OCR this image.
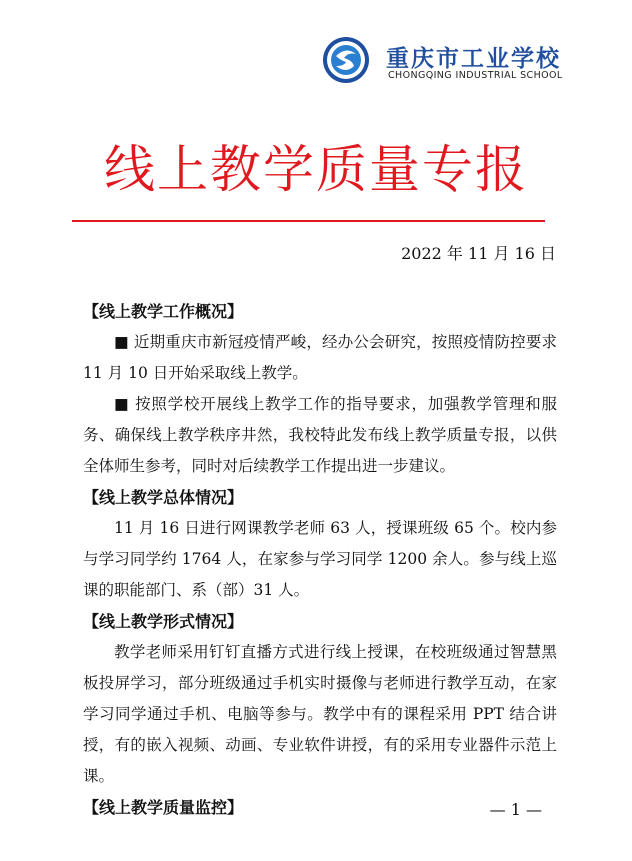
重庆市工业学校
CHONGQING INDUSTRIAL SCHOOL
线上教学质量专报
2022 年 11 月 16 日

【线上教学工作概况】

■ 近期重庆市新冠疫情严峻，经办公会研究，按照疫情防控要求 11 月 10 日开始采取线上教学。

■ 按照学校开展线上教学工作的指导要求，加强教学管理和服务、确保线上教学秩序井然，我校特此发布线上教学质量专报，以供全体师生参考，同时对后续教学工作提出进一步建议。

【线上教学总体情况】

11 月 16 日进行网课教学老师 63 人，授课班级 65 个。校内参与学习同学约 1764 人，在家参与学习同学 1200 余人。参与线上巡课的职能部门、系（部）31 人。

【线上教学形式情况】

教学老师采用钉钉直播方式进行线上授课，在校班级通过智慧黑板投屏学习，部分班级通过手机实时摄像与老师进行教学互动，在家学习同学通过手机、电脑等参与。教学中有的课程采用 PPT 结合讲授，有的嵌入视频、动画、专业软件讲授，有的采用专业器件示范上课。

【线上教学质量监控】	— 1 —
